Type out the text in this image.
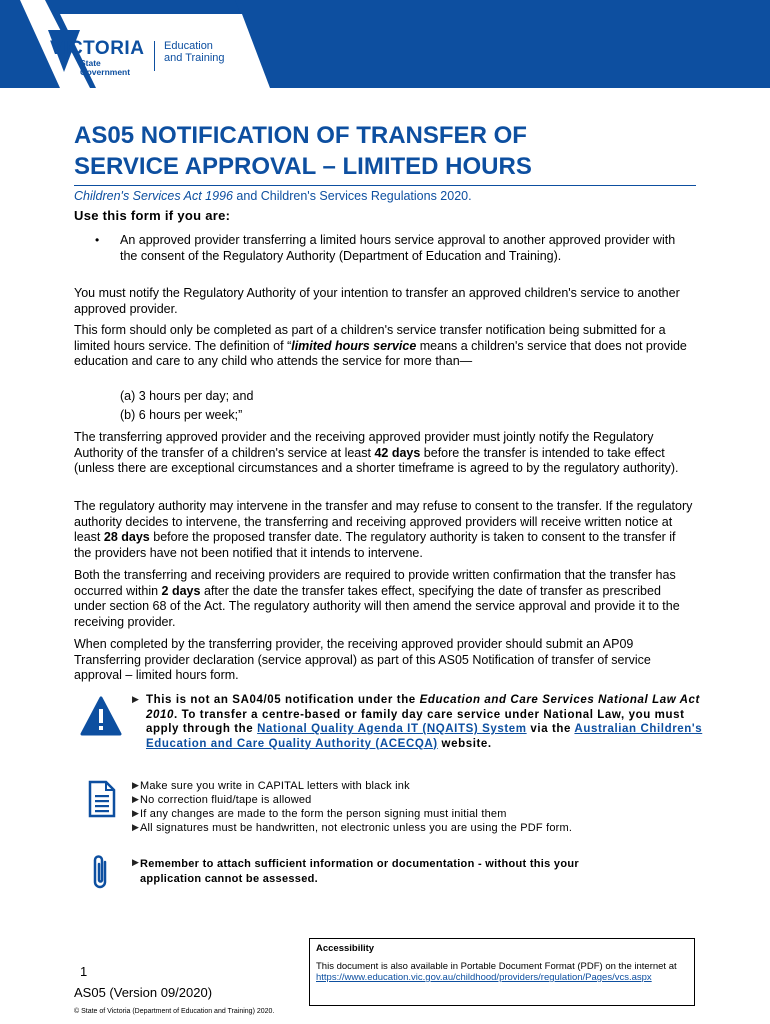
VICTORIA
State
Government
Education
and Training
AS05 NOTIFICATION OF TRANSFER OF
SERVICE APPROVAL – LIMITED HOURS
Children's Services Act 1996 and Children's Services Regulations 2020.
Use this form if you are:
• An approved provider transferring a limited hours service approval to another approved provider with the consent of the Regulatory Authority (Department of Education and Training).

You must notify the Regulatory Authority of your intention to transfer an approved children's service to another approved provider.

This form should only be completed as part of a children's service transfer notification being submitted for a limited hours service. The definition of “limited hours service means a children's service that does not provide education and care to any child who attends the service for more than—

(a) 3 hours per day; and
(b) 6 hours per week;”

The transferring approved provider and the receiving approved provider must jointly notify the Regulatory Authority of the transfer of a children's service at least 42 days before the transfer is intended to take effect (unless there are exceptional circumstances and a shorter timeframe is agreed to by the regulatory authority).

The regulatory authority may intervene in the transfer and may refuse to consent to the transfer. If the regulatory authority decides to intervene, the transferring and receiving approved providers will receive written notice at least 28 days before the proposed transfer date. The regulatory authority is taken to consent to the transfer if the providers have not been notified that it intends to intervene.

Both the transferring and receiving providers are required to provide written confirmation that the transfer has occurred within 2 days after the date the transfer takes effect, specifying the date of transfer as prescribed under section 68 of the Act. The regulatory authority will then amend the service approval and provide it to the receiving provider.

When completed by the transferring provider, the receiving approved provider should submit an AP09 Transferring provider declaration (service approval) as part of this AS05 Notification of transfer of service approval – limited hours form.

▶ This is not an SA04/05 notification under the Education and Care Services National Law Act 2010. To transfer a centre-based or family day care service under National Law, you must apply through the National Quality Agenda IT (NQAITS) System via the Australian Children's Education and Care Quality Authority (ACECQA) website.

▶ Make sure you write in CAPITAL letters with black ink
▶ No correction fluid/tape is allowed
▶ If any changes are made to the form the person signing must initial them
▶ All signatures must be handwritten, not electronic unless you are using the PDF form.
▶ Remember to attach sufficient information or documentation - without this your application cannot be assessed.

Accessibility
This document is also available in Portable Document Format (PDF) on the internet at
https://www.education.vic.gov.au/childhood/providers/regulation/Pages/vcs.aspx
1
AS05 (Version 09/2020)
© State of Victoria (Department of Education and Training) 2020.
